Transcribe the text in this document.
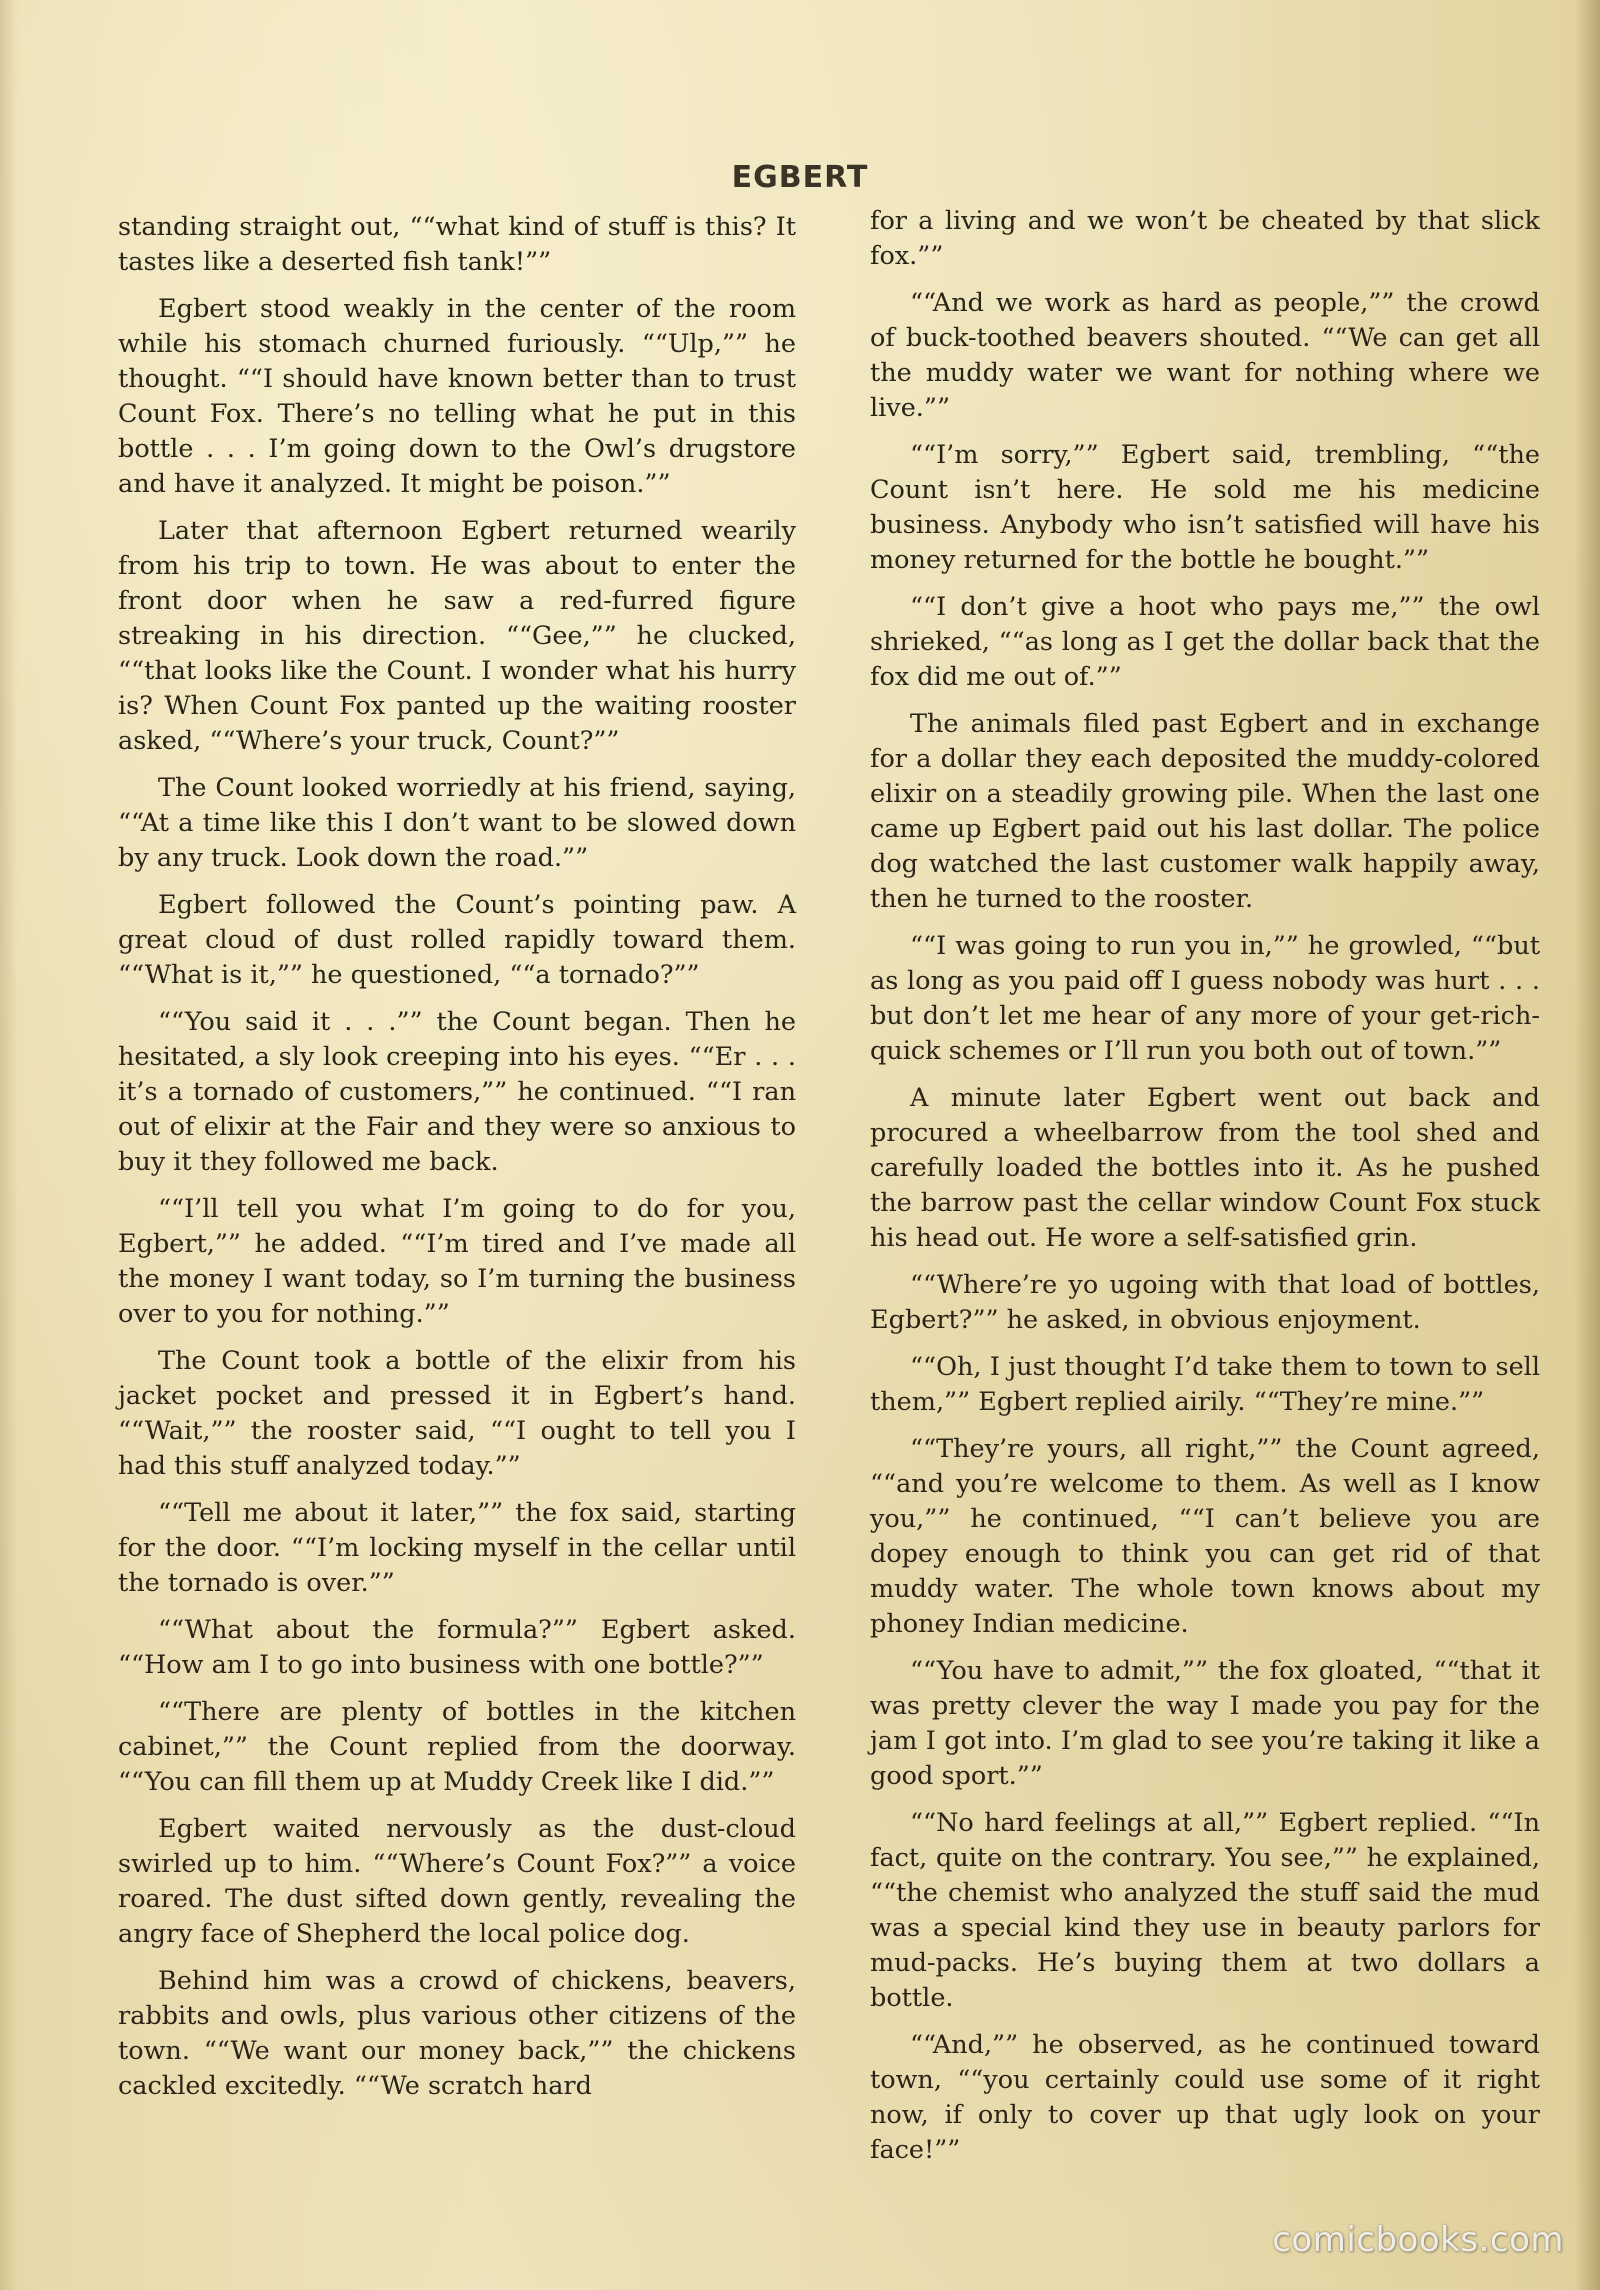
EGBERT

standing straight out, ““what kind of stuff is this? It tastes like a deserted fish tank!””

Egbert stood weakly in the center of the room while his stomach churned furiously. ““Ulp,”” he thought. ““I should have known better than to trust Count Fox. There’s no telling what he put in this bottle . . . I’m going down to the Owl’s drugstore and have it analyzed. It might be poison.””

Later that afternoon Egbert returned wearily from his trip to town. He was about to enter the front door when he saw a red-furred figure streaking in his direction. ““Gee,”” he clucked, ““that looks like the Count. I wonder what his hurry is? When Count Fox panted up the waiting rooster asked, ““Where’s your truck, Count?””

The Count looked worriedly at his friend, saying, ““At a time like this I don’t want to be slowed down by any truck. Look down the road.””

Egbert followed the Count’s pointing paw. A great cloud of dust rolled rapidly toward them. ““What is it,”” he questioned, ““a tornado?””

““You said it . . .”” the Count began. Then he hesitated, a sly look creeping into his eyes. ““Er . . . it’s a tornado of customers,”” he continued. ““I ran out of elixir at the Fair and they were so anxious to buy it they followed me back.

““I’ll tell you what I’m going to do for you, Egbert,”” he added. ““I’m tired and I’ve made all the money I want today, so I’m turning the business over to you for nothing.””

The Count took a bottle of the elixir from his jacket pocket and pressed it in Egbert’s hand. ““Wait,”” the rooster said, ““I ought to tell you I had this stuff analyzed today.””

““Tell me about it later,”” the fox said, starting for the door. ““I’m locking myself in the cellar until the tornado is over.””

““What about the formula?”” Egbert asked. ““How am I to go into business with one bottle?””

““There are plenty of bottles in the kitchen cabinet,”” the Count replied from the doorway. ““You can fill them up at Muddy Creek like I did.””

Egbert waited nervously as the dust-cloud swirled up to him. ““Where’s Count Fox?”” a voice roared. The dust sifted down gently, revealing the angry face of Shepherd the local police dog.

Behind him was a crowd of chickens, beavers, rabbits and owls, plus various other citizens of the town. ““We want our money back,”” the chickens cackled excitedly. ““We scratch hard

for a living and we won’t be cheated by that slick fox.””

““And we work as hard as people,”” the crowd of buck-toothed beavers shouted. ““We can get all the muddy water we want for nothing where we live.””

““I’m sorry,”” Egbert said, trembling, ““the Count isn’t here. He sold me his medicine business. Anybody who isn’t satisfied will have his money returned for the bottle he bought.””

““I don’t give a hoot who pays me,”” the owl shrieked, ““as long as I get the dollar back that the fox did me out of.””

The animals filed past Egbert and in exchange for a dollar they each deposited the muddy-colored elixir on a steadily growing pile. When the last one came up Egbert paid out his last dollar. The police dog watched the last customer walk happily away, then he turned to the rooster.

““I was going to run you in,”” he growled, ““but as long as you paid off I guess nobody was hurt . . . but don’t let me hear of any more of your get-rich-quick schemes or I’ll run you both out of town.””

A minute later Egbert went out back and procured a wheelbarrow from the tool shed and carefully loaded the bottles into it. As he pushed the barrow past the cellar window Count Fox stuck his head out. He wore a self-satisfied grin.

““Where’re yo ugoing with that load of bottles, Egbert?”” he asked, in obvious enjoyment.

““Oh, I just thought I’d take them to town to sell them,”” Egbert replied airily. ““They’re mine.””

““They’re yours, all right,”” the Count agreed, ““and you’re welcome to them. As well as I know you,”” he continued, ““I can’t believe you are dopey enough to think you can get rid of that muddy water. The whole town knows about my phoney Indian medicine.

““You have to admit,”” the fox gloated, ““that it was pretty clever the way I made you pay for the jam I got into. I’m glad to see you’re taking it like a good sport.””

““No hard feelings at all,”” Egbert replied. ““In fact, quite on the contrary. You see,”” he explained, ““the chemist who analyzed the stuff said the mud was a special kind they use in beauty parlors for mud-packs. He’s buying them at two dollars a bottle.

““And,”” he observed, as he continued toward town, ““you certainly could use some of it right now, if only to cover up that ugly look on your face!””

comicbooks.com
